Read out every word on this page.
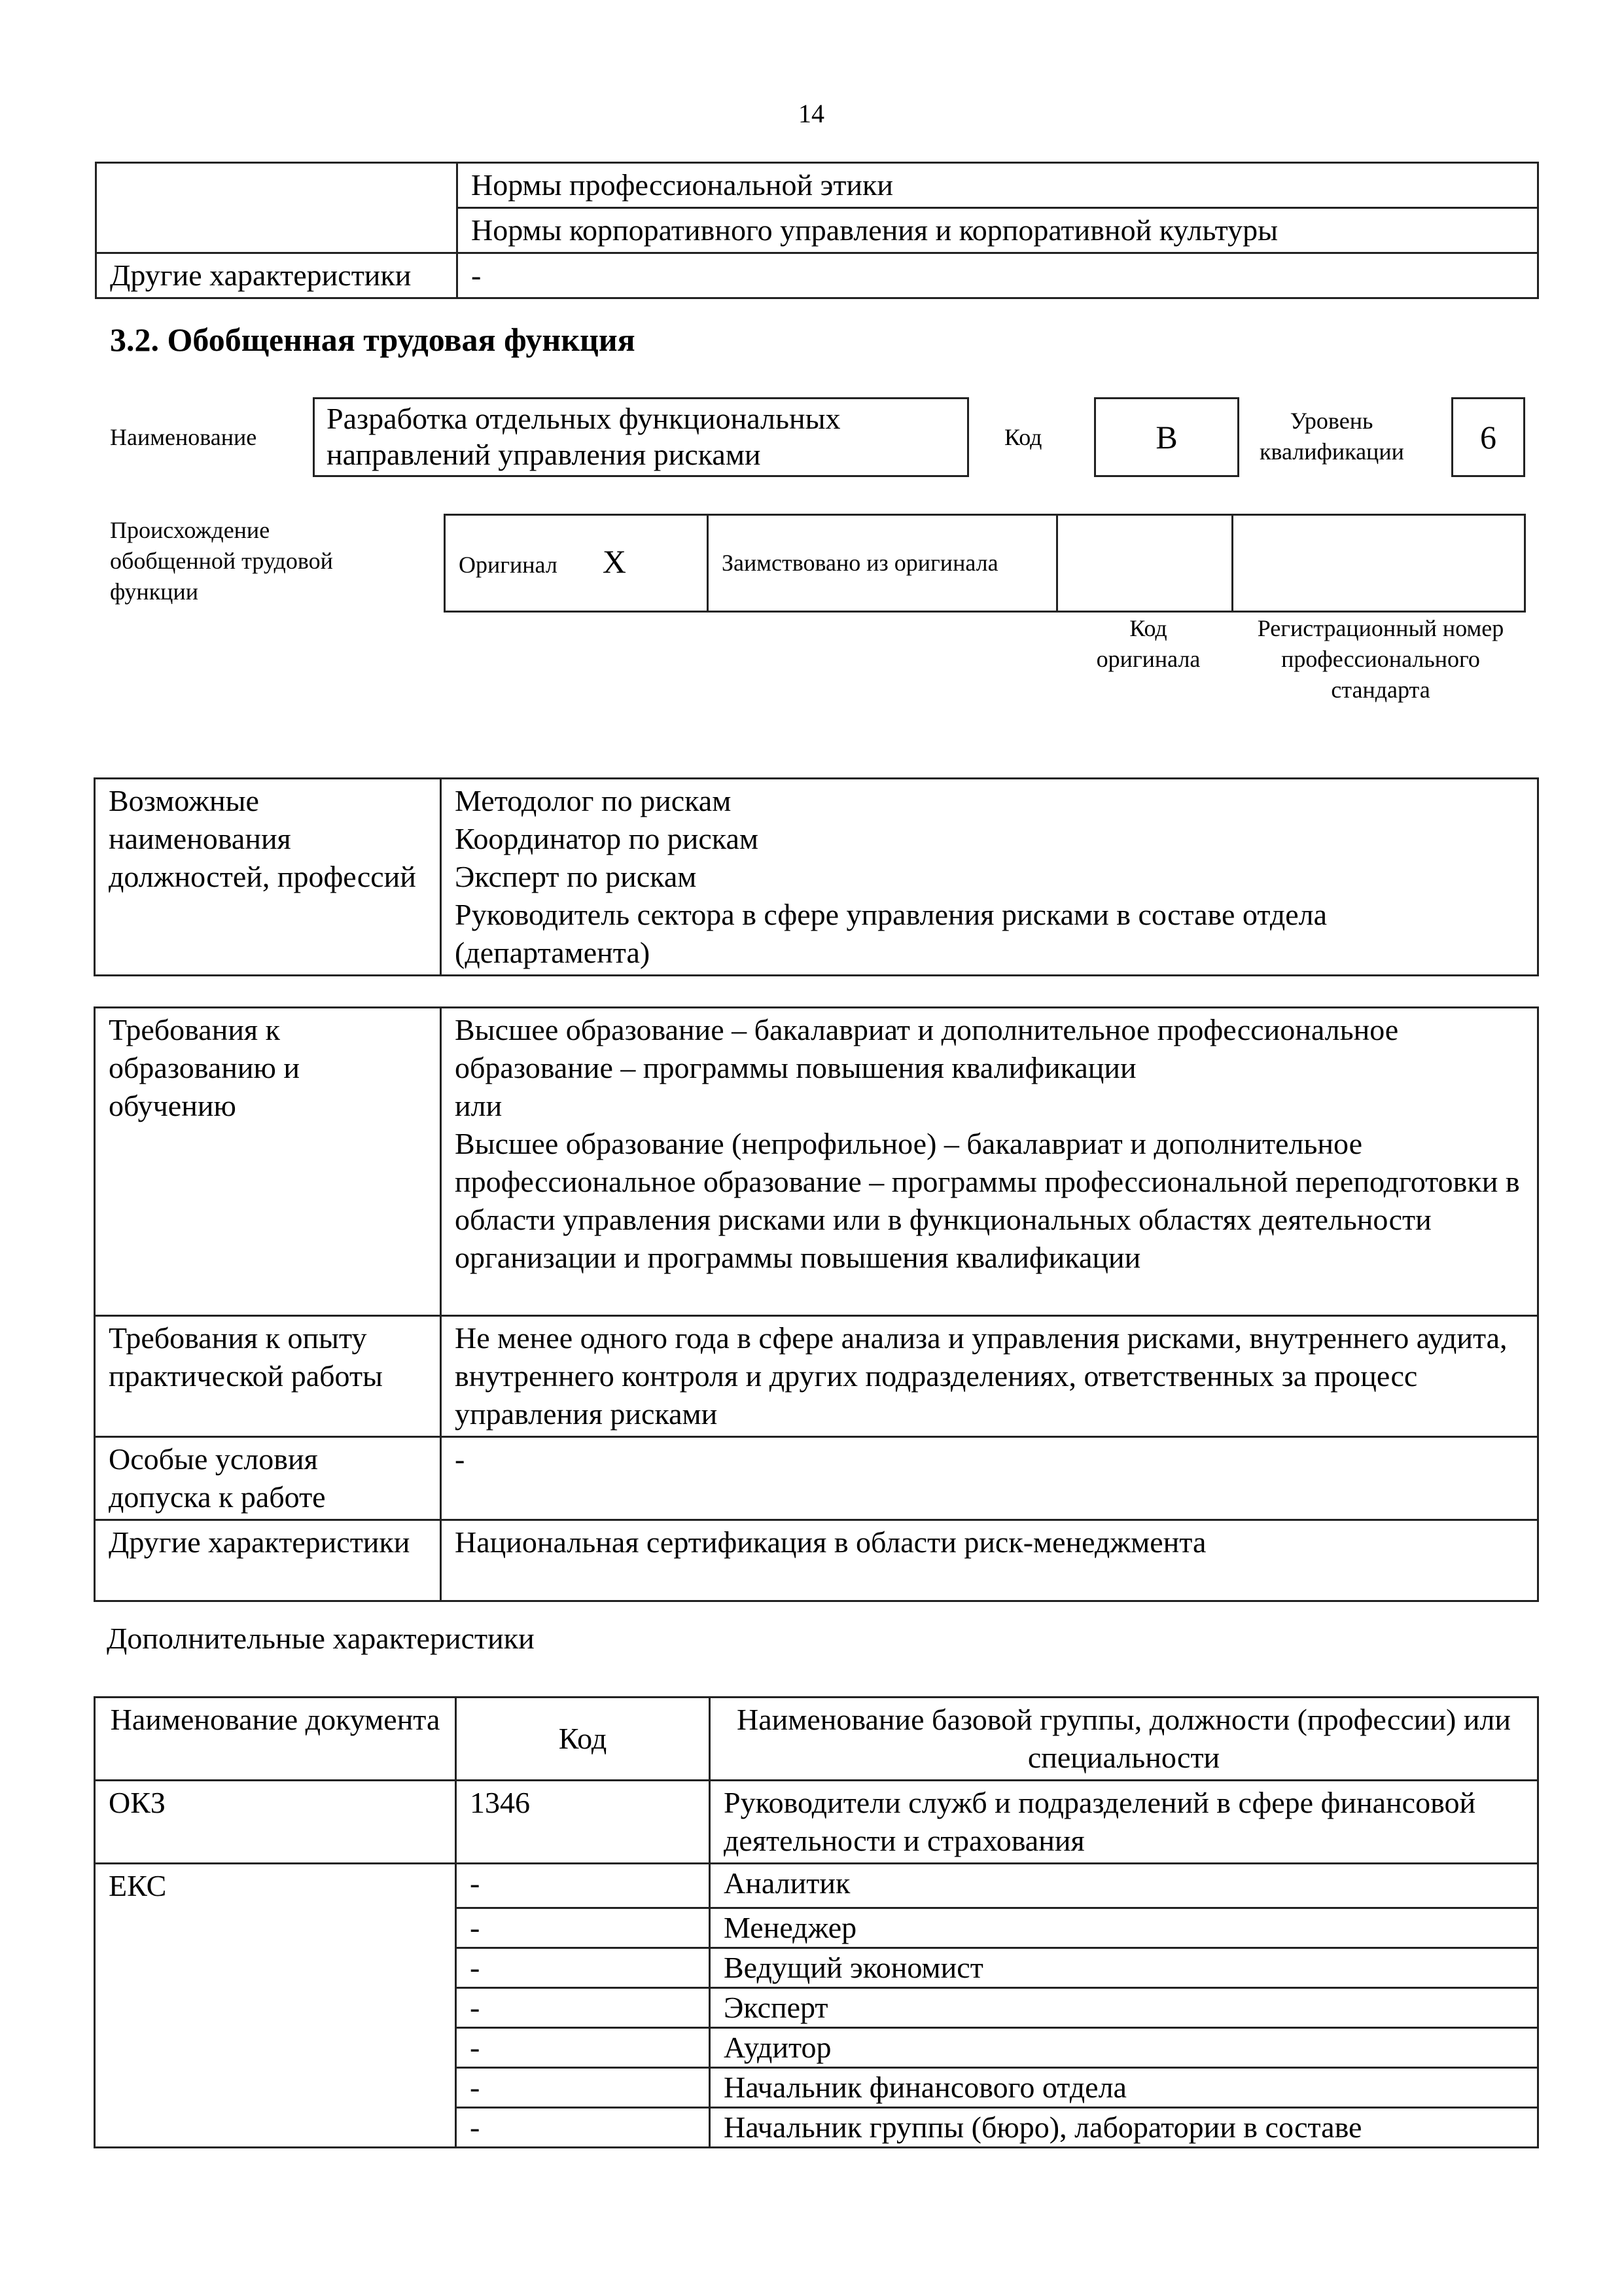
14
	Нормы профессиональной этики
	Нормы корпоративного управления и корпоративной культуры
Другие характеристики	-
3.2. Обобщенная трудовая функция
Наименование
Разработка отдельных функциональных направлений управления рисками
Код	В	Уровень квалификации	6
Происхождение обобщенной трудовой функции
Оригинал X	Заимствовано из оригинала		
Код оригинала
Регистрационный номер профессионального стандарта
Возможные наименования должностей, профессий	
Методолог по рискам
Координатор по рискам
Эксперт по рискам
Руководитель сектора в сфере управления рисками в составе отдела (департамента)
Требования к образованию и обучению	Высшее образование – бакалавриат и дополнительное профессиональное образование – программы повышения квалификации
или
Высшее образование (непрофильное) – бакалавриат и дополнительное профессиональное образование – программы профессиональной переподготовки в области управления рисками или в функциональных областях деятельности организации и программы повышения квалификации
Требования к опыту практической работы	Не менее одного года в сфере анализа и управления рисками, внутреннего аудита, внутреннего контроля и других подразделениях, ответственных за процесс управления рисками
Особые условия допуска к работе	-
Другие характеристики	Национальная сертификация в области риск-менеджмента
Дополнительные характеристики
Наименование документа	Код	Наименование базовой группы, должности (профессии) или специальности
ОКЗ	1346	Руководители служб и подразделений в сфере финансовой деятельности и страхования
ЕКС	-	Аналитик
	-	Менеджер
	-	Ведущий экономист
	-	Эксперт
	-	Аудитор
	-	Начальник финансового отдела
	-	Начальник группы (бюро), лаборатории в составе
